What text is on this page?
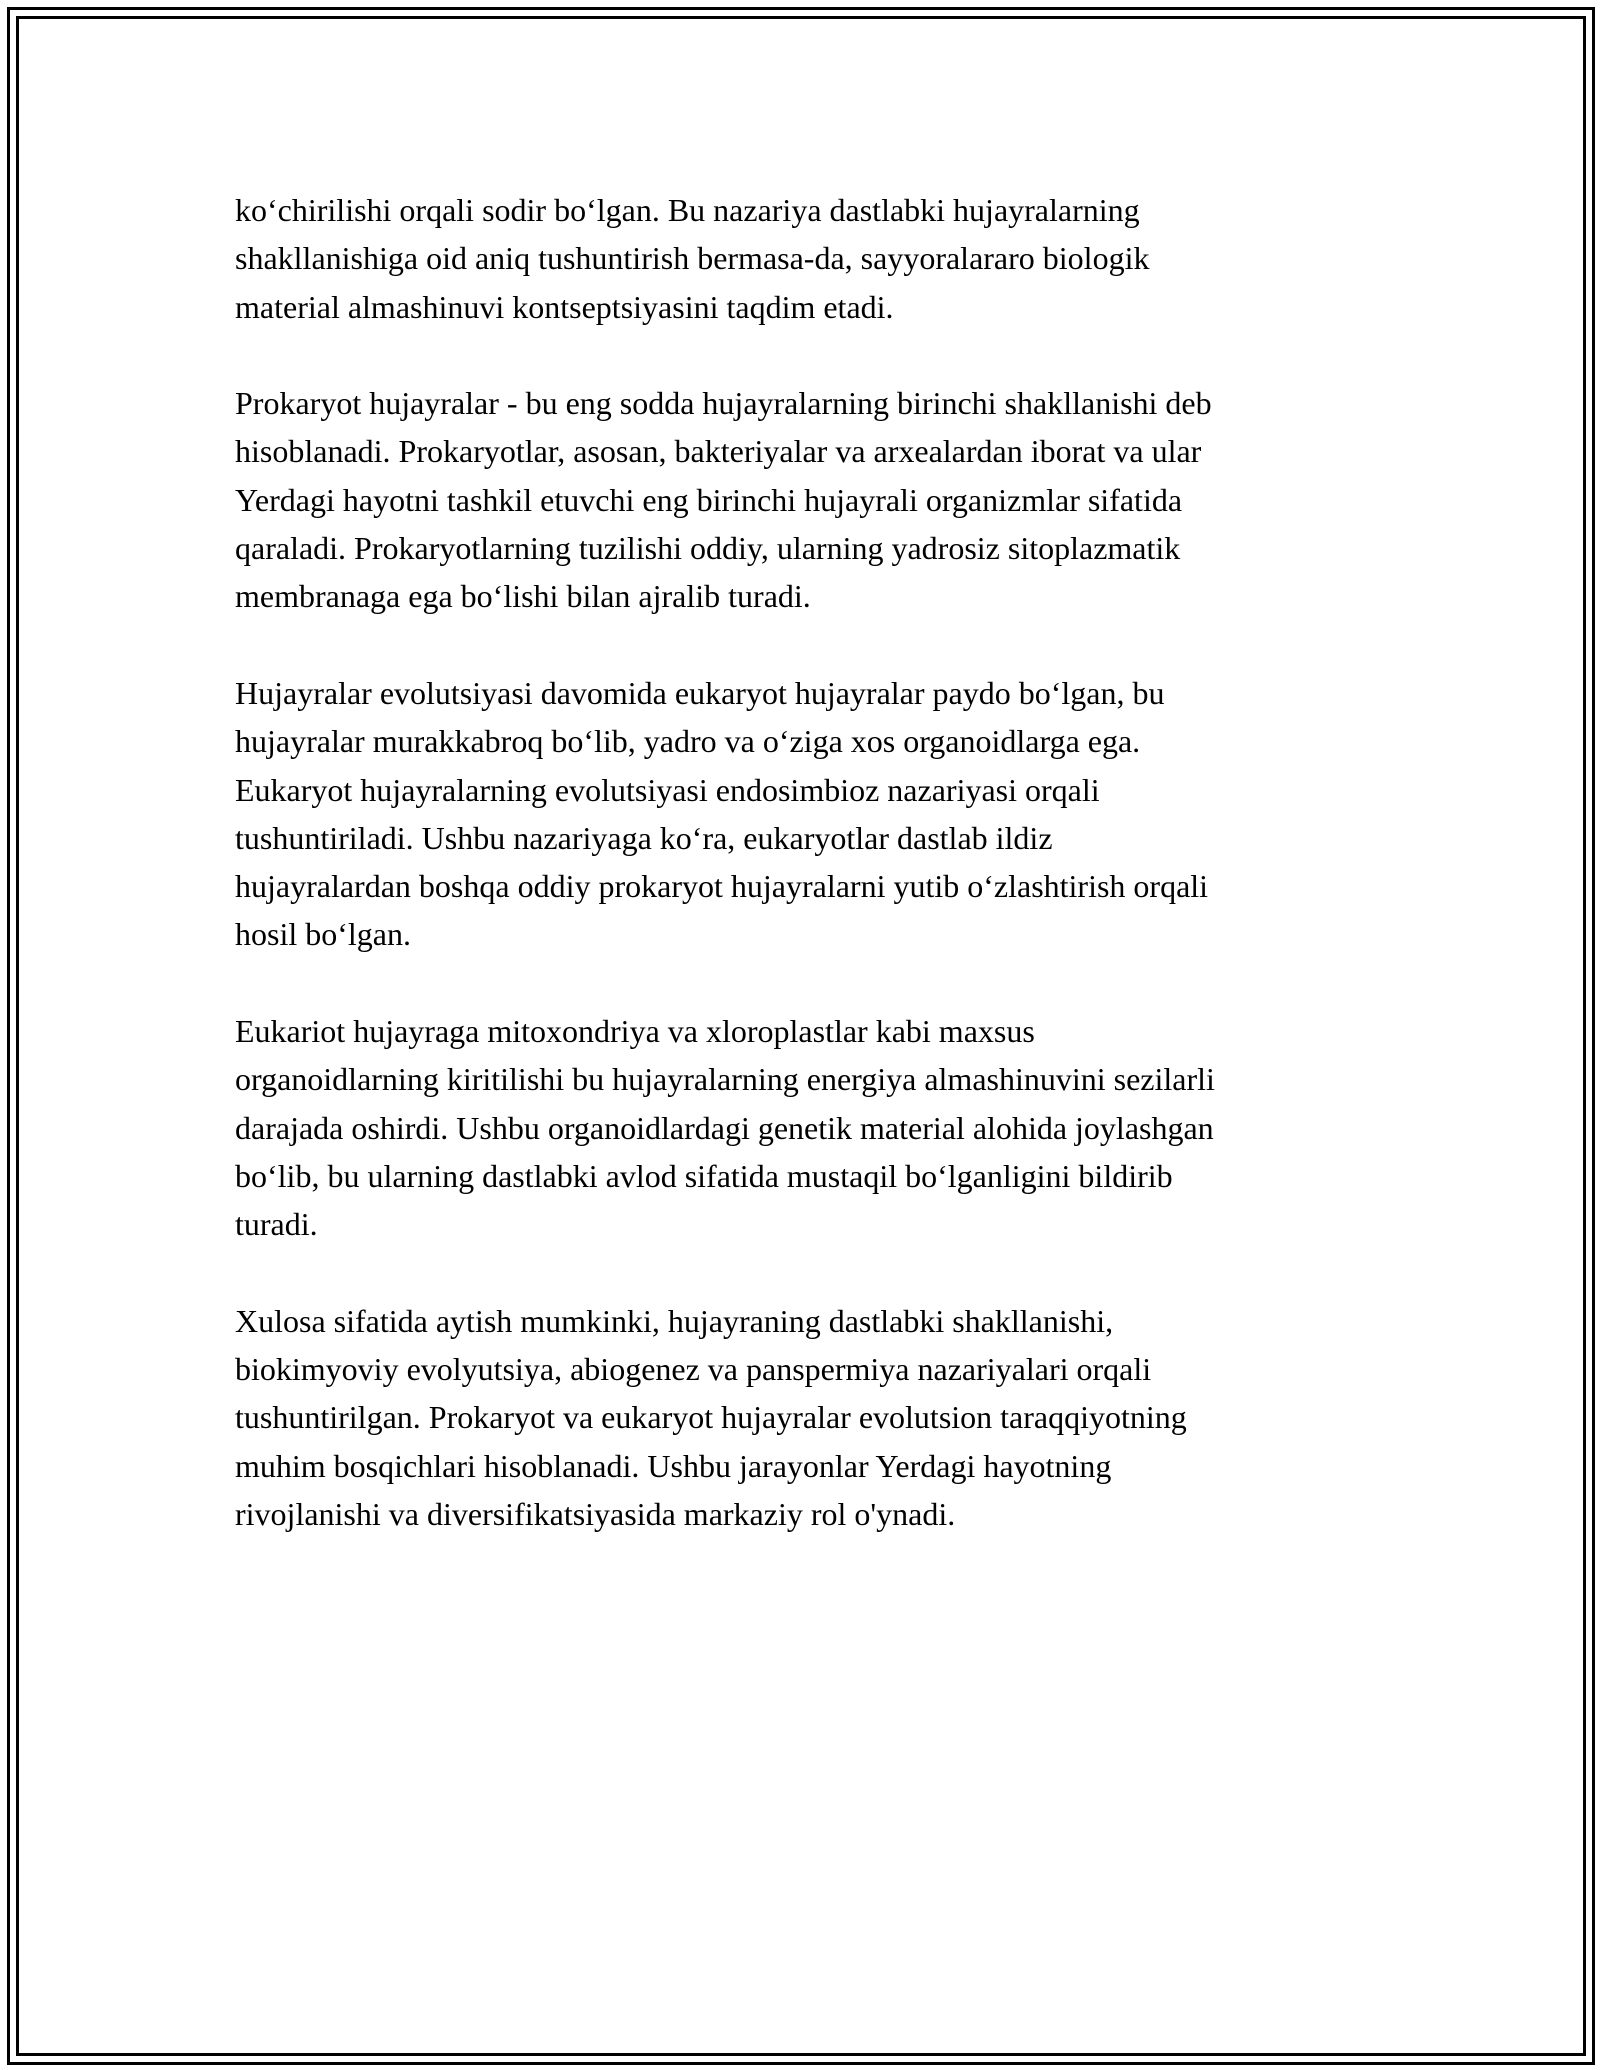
ko‘chirilishi orqali sodir bo‘lgan. Bu nazariya dastlabki hujayralarning
shakllanishiga oid aniq tushuntirish bermasa-da, sayyoralararo biologik
material almashinuvi kontseptsiyasini taqdim etadi.

Prokaryot hujayralar - bu eng sodda hujayralarning birinchi shakllanishi deb
hisoblanadi. Prokaryotlar, asosan, bakteriyalar va arxealardan iborat va ular
Yerdagi hayotni tashkil etuvchi eng birinchi hujayrali organizmlar sifatida
qaraladi. Prokaryotlarning tuzilishi oddiy, ularning yadrosiz sitoplazmatik
membranaga ega bo‘lishi bilan ajralib turadi.

Hujayralar evolutsiyasi davomida eukaryot hujayralar paydo bo‘lgan, bu
hujayralar murakkabroq bo‘lib, yadro va o‘ziga xos organoidlarga ega.
Eukaryot hujayralarning evolutsiyasi endosimbioz nazariyasi orqali
tushuntiriladi. Ushbu nazariyaga ko‘ra, eukaryotlar dastlab ildiz
hujayralardan boshqa oddiy prokaryot hujayralarni yutib o‘zlashtirish orqali
hosil bo‘lgan.

Eukariot hujayraga mitoxondriya va xloroplastlar kabi maxsus
organoidlarning kiritilishi bu hujayralarning energiya almashinuvini sezilarli
darajada oshirdi. Ushbu organoidlardagi genetik material alohida joylashgan
bo‘lib, bu ularning dastlabki avlod sifatida mustaqil bo‘lganligini bildirib
turadi.

Xulosa sifatida aytish mumkinki, hujayraning dastlabki shakllanishi,
biokimyoviy evolyutsiya, abiogenez va panspermiya nazariyalari orqali
tushuntirilgan. Prokaryot va eukaryot hujayralar evolutsion taraqqiyotning
muhim bosqichlari hisoblanadi. Ushbu jarayonlar Yerdagi hayotning
rivojlanishi va diversifikatsiyasida markaziy rol o'ynadi.
